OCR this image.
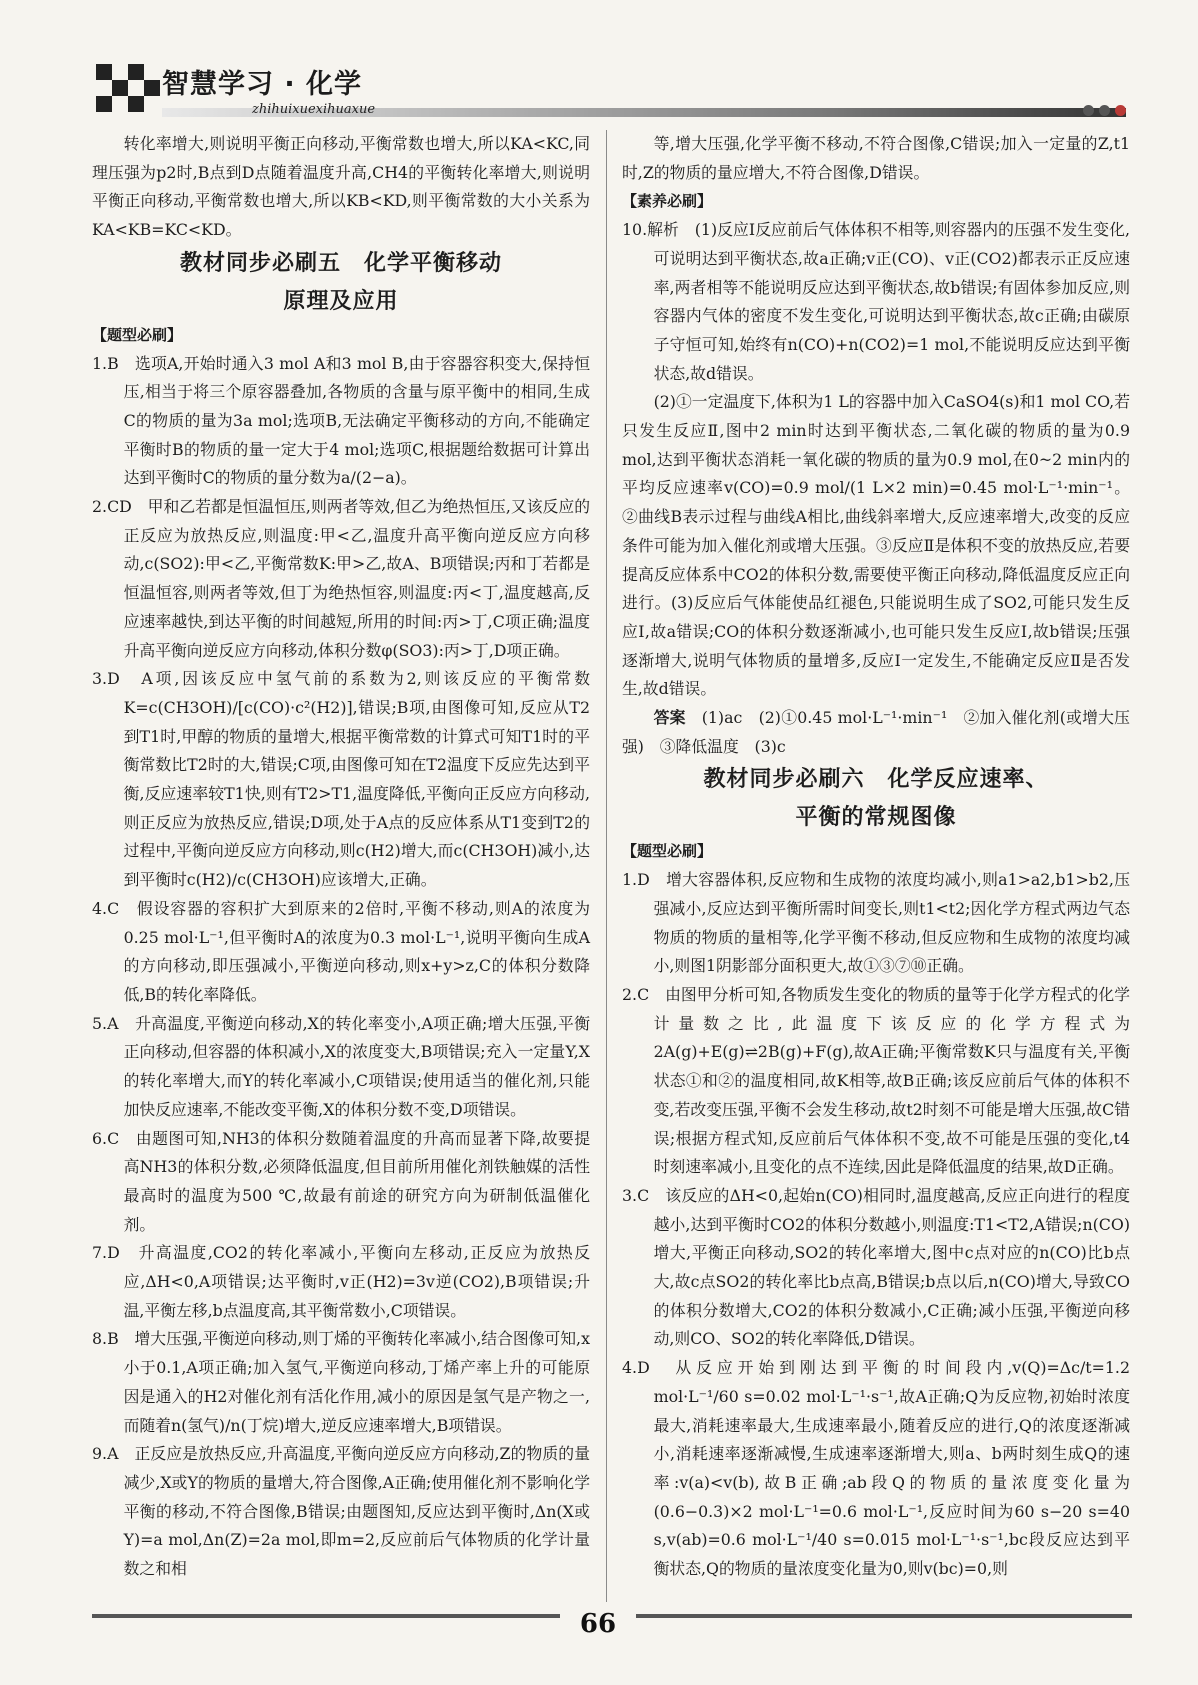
智慧学习 · 化学
zhihuixuexihuaxue

转化率增大,则说明平衡正向移动,平衡常数也增大,所以KA<KC,同理压强为p2时,B点到D点随着温度升高,CH4的平衡转化率增大,则说明平衡正向移动,平衡常数也增大,所以KB<KD,则平衡常数的大小关系为KA<KB=KC<KD。

教材同步必刷五　化学平衡移动

原理及应用

【题型必刷】

1.B　选项A,开始时通入3 mol A和3 mol B,由于容器容积变大,保持恒压,相当于将三个原容器叠加,各物质的含量与原平衡中的相同,生成C的物质的量为3a mol;选项B,无法确定平衡移动的方向,不能确定平衡时B的物质的量一定大于4 mol;选项C,根据题给数据可计算出达到平衡时C的物质的量分数为a/(2−a)。

2.CD　甲和乙若都是恒温恒压,则两者等效,但乙为绝热恒压,又该反应的正反应为放热反应,则温度:甲<乙,温度升高平衡向逆反应方向移动,c(SO2):甲<乙,平衡常数K:甲>乙,故A、B项错误;丙和丁若都是恒温恒容,则两者等效,但丁为绝热恒容,则温度:丙<丁,温度越高,反应速率越快,到达平衡的时间越短,所用的时间:丙>丁,C项正确;温度升高平衡向逆反应方向移动,体积分数φ(SO3):丙>丁,D项正确。

3.D　A项,因该反应中氢气前的系数为2,则该反应的平衡常数K=c(CH3OH)/[c(CO)·c²(H2)],错误;B项,由图像可知,反应从T2到T1时,甲醇的物质的量增大,根据平衡常数的计算式可知T1时的平衡常数比T2时的大,错误;C项,由图像可知在T2温度下反应先达到平衡,反应速率较T1快,则有T2>T1,温度降低,平衡向正反应方向移动,则正反应为放热反应,错误;D项,处于A点的反应体系从T1变到T2的过程中,平衡向逆反应方向移动,则c(H2)增大,而c(CH3OH)减小,达到平衡时c(H2)/c(CH3OH)应该增大,正确。

4.C　假设容器的容积扩大到原来的2倍时,平衡不移动,则A的浓度为0.25 mol·L⁻¹,但平衡时A的浓度为0.3 mol·L⁻¹,说明平衡向生成A的方向移动,即压强减小,平衡逆向移动,则x+y>z,C的体积分数降低,B的转化率降低。

5.A　升高温度,平衡逆向移动,X的转化率变小,A项正确;增大压强,平衡正向移动,但容器的体积减小,X的浓度变大,B项错误;充入一定量Y,X的转化率增大,而Y的转化率减小,C项错误;使用适当的催化剂,只能加快反应速率,不能改变平衡,X的体积分数不变,D项错误。

6.C　由题图可知,NH3的体积分数随着温度的升高而显著下降,故要提高NH3的体积分数,必须降低温度,但目前所用催化剂铁触媒的活性最高时的温度为500 ℃,故最有前途的研究方向为研制低温催化剂。

7.D　升高温度,CO2的转化率减小,平衡向左移动,正反应为放热反应,ΔH<0,A项错误;达平衡时,v正(H2)=3v逆(CO2),B项错误;升温,平衡左移,b点温度高,其平衡常数小,C项错误。

8.B　增大压强,平衡逆向移动,则丁烯的平衡转化率减小,结合图像可知,x小于0.1,A项正确;加入氢气,平衡逆向移动,丁烯产率上升的可能原因是通入的H2对催化剂有活化作用,减小的原因是氢气是产物之一,而随着n(氢气)/n(丁烷)增大,逆反应速率增大,B项错误。

9.A　正反应是放热反应,升高温度,平衡向逆反应方向移动,Z的物质的量减少,X或Y的物质的量增大,符合图像,A正确;使用催化剂不影响化学平衡的移动,不符合图像,B错误;由题图知,反应达到平衡时,Δn(X或Y)=a mol,Δn(Z)=2a mol,即m=2,反应前后气体物质的化学计量数之和相

等,增大压强,化学平衡不移动,不符合图像,C错误;加入一定量的Z,t1时,Z的物质的量应增大,不符合图像,D错误。

【素养必刷】

10.解析　(1)反应Ⅰ反应前后气体体积不相等,则容器内的压强不发生变化,可说明达到平衡状态,故a正确;v正(CO)、v正(CO2)都表示正反应速率,两者相等不能说明反应达到平衡状态,故b错误;有固体参加反应,则容器内气体的密度不发生变化,可说明达到平衡状态,故c正确;由碳原子守恒可知,始终有n(CO)+n(CO2)=1 mol,不能说明反应达到平衡状态,故d错误。

(2)①一定温度下,体积为1 L的容器中加入CaSO4(s)和1 mol CO,若只发生反应Ⅱ,图中2 min时达到平衡状态,二氧化碳的物质的量为0.9 mol,达到平衡状态消耗一氧化碳的物质的量为0.9 mol,在0~2 min内的平均反应速率v(CO)=0.9 mol/(1 L×2 min)=0.45 mol·L⁻¹·min⁻¹。②曲线B表示过程与曲线A相比,曲线斜率增大,反应速率增大,改变的反应条件可能为加入催化剂或增大压强。③反应Ⅱ是体积不变的放热反应,若要提高反应体系中CO2的体积分数,需要使平衡正向移动,降低温度反应正向进行。(3)反应后气体能使品红褪色,只能说明生成了SO2,可能只发生反应Ⅰ,故a错误;CO的体积分数逐渐减小,也可能只发生反应Ⅰ,故b错误;压强逐渐增大,说明气体物质的量增多,反应Ⅰ一定发生,不能确定反应Ⅱ是否发生,故d错误。

答案　 (1)ac　(2)①0.45 mol·L⁻¹·min⁻¹　②加入催化剂(或增大压强)　③降低温度　(3)c

教材同步必刷六　化学反应速率、

平衡的常规图像

【题型必刷】

1.D　增大容器体积,反应物和生成物的浓度均减小,则a1>a2,b1>b2,压强减小,反应达到平衡所需时间变长,则t1<t2;因化学方程式两边气态物质的物质的量相等,化学平衡不移动,但反应物和生成物的浓度均减小,则图1阴影部分面积更大,故①③⑦⑩正确。

2.C　由图甲分析可知,各物质发生变化的物质的量等于化学方程式的化学计量数之比,此温度下该反应的化学方程式为2A(g)+E(g)⇌2B(g)+F(g),故A正确;平衡常数K只与温度有关,平衡状态①和②的温度相同,故K相等,故B正确;该反应前后气体的体积不变,若改变压强,平衡不会发生移动,故t2时刻不可能是增大压强,故C错误;根据方程式知,反应前后气体体积不变,故不可能是压强的变化,t4时刻速率减小,且变化的点不连续,因此是降低温度的结果,故D正确。

3.C　该反应的ΔH<0,起始n(CO)相同时,温度越高,反应正向进行的程度越小,达到平衡时CO2的体积分数越小,则温度:T1<T2,A错误;n(CO)增大,平衡正向移动,SO2的转化率增大,图中c点对应的n(CO)比b点大,故c点SO2的转化率比b点高,B错误;b点以后,n(CO)增大,导致CO的体积分数增大,CO2的体积分数减小,C正确;减小压强,平衡逆向移动,则CO、SO2的转化率降低,D错误。

4.D　从反应开始到刚达到平衡的时间段内,v(Q)=Δc/t=1.2 mol·L⁻¹/60 s=0.02 mol·L⁻¹·s⁻¹,故A正确;Q为反应物,初始时浓度最大,消耗速率最大,生成速率最小,随着反应的进行,Q的浓度逐渐减小,消耗速率逐渐减慢,生成速率逐渐增大,则a、b两时刻生成Q的速率:v(a)<v(b),故B正确;ab段Q的物质的量浓度变化量为(0.6−0.3)×2 mol·L⁻¹=0.6 mol·L⁻¹,反应时间为60 s−20 s=40 s,v(ab)=0.6 mol·L⁻¹/40 s=0.015 mol·L⁻¹·s⁻¹,bc段反应达到平衡状态,Q的物质的量浓度变化量为0,则v(bc)=0,则

66
